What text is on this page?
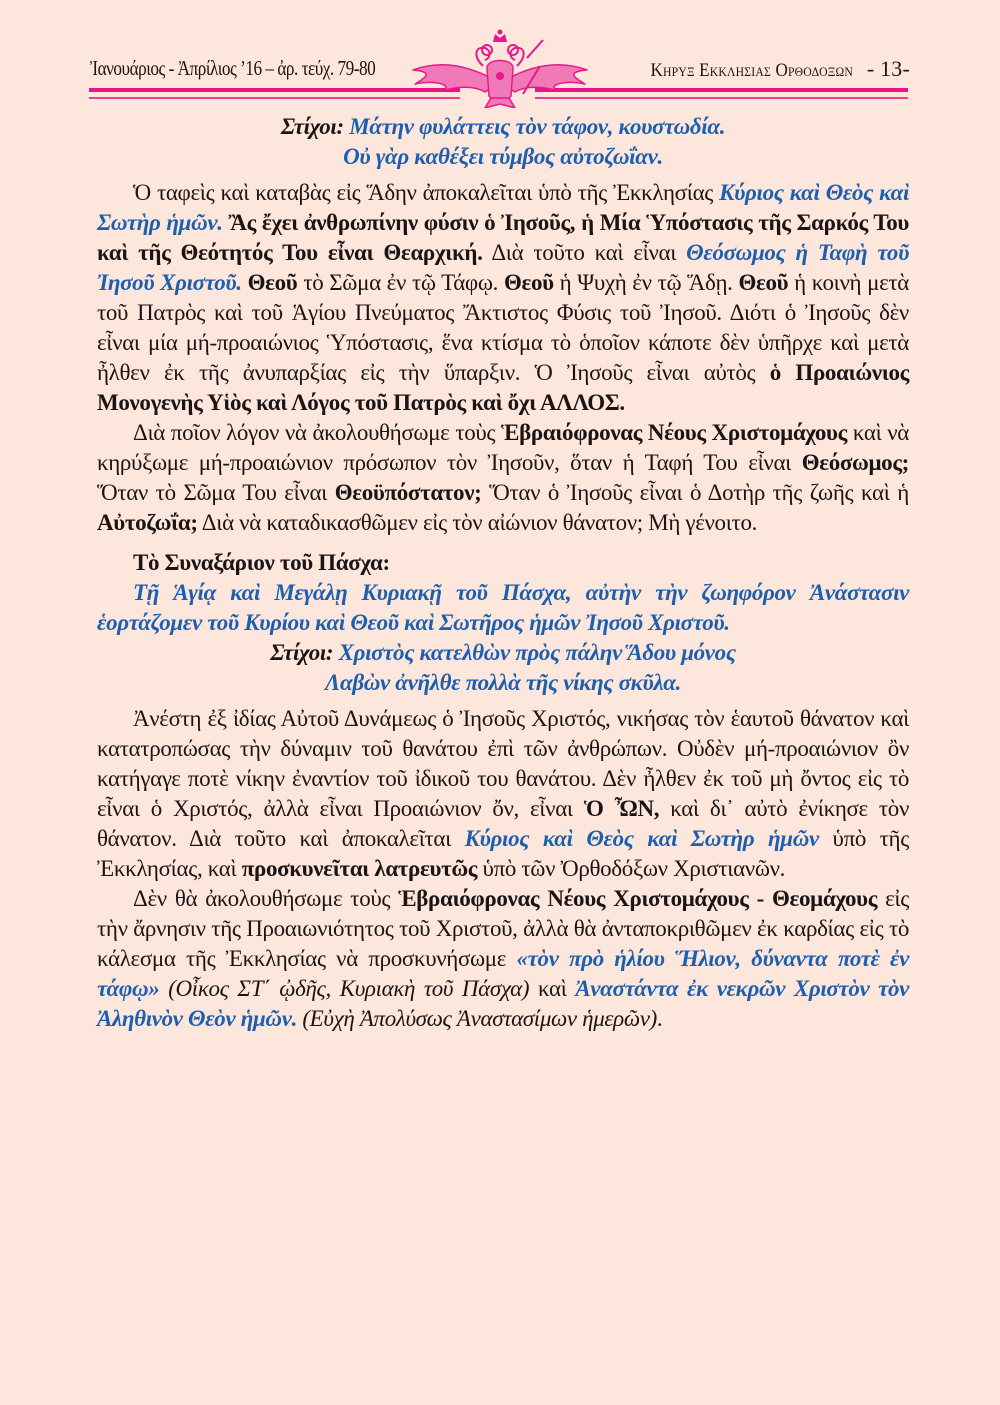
Ἰανουάριος - Ἀπρίλιος ’16 – ἀρ. τεύχ. 79-80	Κηρυξ Εκκλησιας Ορθοδοξων - 13-

Στίχοι: Μάτην φυλάττεις τὸν τάφον, κουστωδία.

Οὐ γὰρ καθέξει τύμβος αὐτοζωΐαν.

Ὁ ταφεὶς καὶ καταβὰς εἰς Ἅδην ἀποκαλεῖται ὑπὸ τῆς Ἐκκλησίας Κύριος καὶ Θεὸς καὶ Σωτὴρ ἡμῶν. Ἂς ἔχει ἀνθρωπίνην φύσιν ὁ Ἰησοῦς, ἡ Μία Ὑπόστασις τῆς Σαρκός Του καὶ τῆς Θεότητός Του εἶναι Θεαρχική. Διὰ τοῦτο καὶ εἶναι Θεόσωμος ἡ Ταφὴ τοῦ Ἰησοῦ Χριστοῦ. Θεοῦ τὸ Σῶμα ἐν τῷ Τάφῳ. Θεοῦ ἡ Ψυχὴ ἐν τῷ Ἅδῃ. Θεοῦ ἡ κοινὴ μετὰ τοῦ Πατρὸς καὶ τοῦ Ἁγίου Πνεύματος Ἄκτιστος Φύσις τοῦ Ἰησοῦ. Διότι ὁ Ἰησοῦς δὲν εἶναι μία μή-προαιώνιος Ὑπόστασις, ἕνα κτίσμα τὸ ὁποῖον κάποτε δὲν ὑπῆρχε καὶ μετὰ ἦλθεν ἐκ τῆς ἀνυπαρξίας εἰς τὴν ὕπαρξιν. Ὁ Ἰησοῦς εἶναι αὐτὸς ὁ Προαιώνιος Μονογενὴς Υἱὸς καὶ Λόγος τοῦ Πατρὸς καὶ ὄχι ΑΛΛΟΣ.

Διὰ ποῖον λόγον νὰ ἀκολουθήσωμε τοὺς Ἑβραιόφρονας Νέους Χριστομάχους καὶ νὰ κηρύξωμε μή-προαιώνιον πρόσωπον τὸν Ἰησοῦν, ὅταν ἡ Ταφή Του εἶναι Θεόσωμος; Ὅταν τὸ Σῶμα Του εἶναι Θεοϋπόστατον; Ὅταν ὁ Ἰησοῦς εἶναι ὁ Δοτὴρ τῆς ζωῆς καὶ ἡ Αὐτοζωΐα; Διὰ νὰ καταδικασθῶμεν εἰς τὸν αἰώνιον θάνατον; Μὴ γένοιτο.

Τὸ Συναξάριον τοῦ Πάσχα:

Τῇ Ἁγίᾳ καὶ Μεγάλῃ Κυριακῇ τοῦ Πάσχα, αὐτὴν τὴν ζωηφόρον Ἀνάστασιν ἑορτάζομεν τοῦ Κυρίου καὶ Θεοῦ καὶ Σωτῆρος ἡμῶν Ἰησοῦ Χριστοῦ.

Στίχοι: Χριστὸς κατελθὼν πρὸς πάλην Ἅδου μόνος

Λαβὼν ἀνῆλθε πολλὰ τῆς νίκης σκῦλα.

Ἀνέστη ἐξ ἰδίας Αὐτοῦ Δυνάμεως ὁ Ἰησοῦς Χριστός, νικήσας τὸν ἑαυτοῦ θάνατον καὶ κατατροπώσας τὴν δύναμιν τοῦ θανάτου ἐπὶ τῶν ἀνθρώπων. Οὐδὲν μή-προαιώνιον ὂν κατήγαγε ποτὲ νίκην ἐναντίον τοῦ ἰδικοῦ του θανάτου. Δὲν ἦλθεν ἐκ τοῦ μὴ ὄντος εἰς τὸ εἶναι ὁ Χριστός, ἀλλὰ εἶναι Προαιώνιον ὄν, εἶναι Ὁ ὮΝ, καὶ δι᾽ αὐτὸ ἐνίκησε τὸν θάνατον. Διὰ τοῦτο καὶ ἀποκαλεῖται Κύριος καὶ Θεὸς καὶ Σωτὴρ ἡμῶν ὑπὸ τῆς Ἐκκλησίας, καὶ προσκυνεῖται λατρευτῶς ὑπὸ τῶν Ὀρθοδόξων Χριστιανῶν.

Δὲν θὰ ἀκολουθήσωμε τοὺς Ἑβραιόφρονας Νέους Χριστομάχους - Θεομάχους εἰς τὴν ἄρνησιν τῆς Προαιωνιότητος τοῦ Χριστοῦ, ἀλλὰ θὰ ἀνταποκριθῶμεν ἐκ καρδίας εἰς τὸ κάλεσμα τῆς Ἐκκλησίας νὰ προσκυνήσωμε «τὸν πρὸ ἡλίου Ἥλιον, δύναντα ποτὲ ἐν τάφῳ» (Οἶκος ΣΤ΄ ᾠδῆς, Κυριακὴ τοῦ Πάσχα) καὶ Ἀναστάντα ἐκ νεκρῶν Χριστὸν τὸν Ἀληθινὸν Θεὸν ἡμῶν. (Εὐχὴ Ἀπολύσως Ἀναστασίμων ἡμερῶν).
